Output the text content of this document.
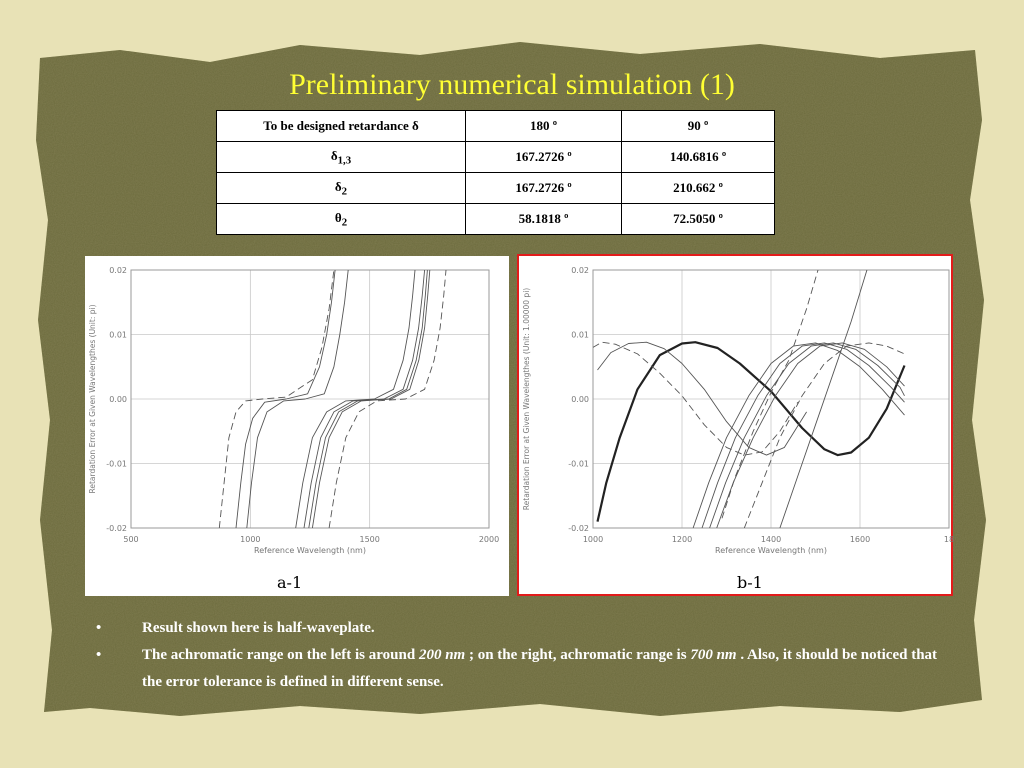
Preliminary numerical simulation (1)
To be designed retardance δ	180 º	90 º
$\delta_{1,3}$	167.2726 º	140.6816 º
$\delta_2$	167.2726 º	210.662 º
$\theta_2$	58.1818 º	72.5050 º
500	1000	1500	2000
-0.02
-0.01
0.00
0.01
0.02
Reference Wavelength (nm)
Retardation Error at Given Wavelengthes (Unit: pi)
a-1
1000	1200	1400	1600	18
-0.02
-0.01
0.00
0.01
0.02
Reference Wavelength (nm)
Retardation Error at Given Wavelengthes (Unit: 1.00000 pi)
b-1
•	Result shown here is half-waveplate.
•	The achromatic range on the left is around 200 nm ; on the right, achromatic range is 700 nm . Also, it should be noticed that the error tolerance is defined in different sense.
